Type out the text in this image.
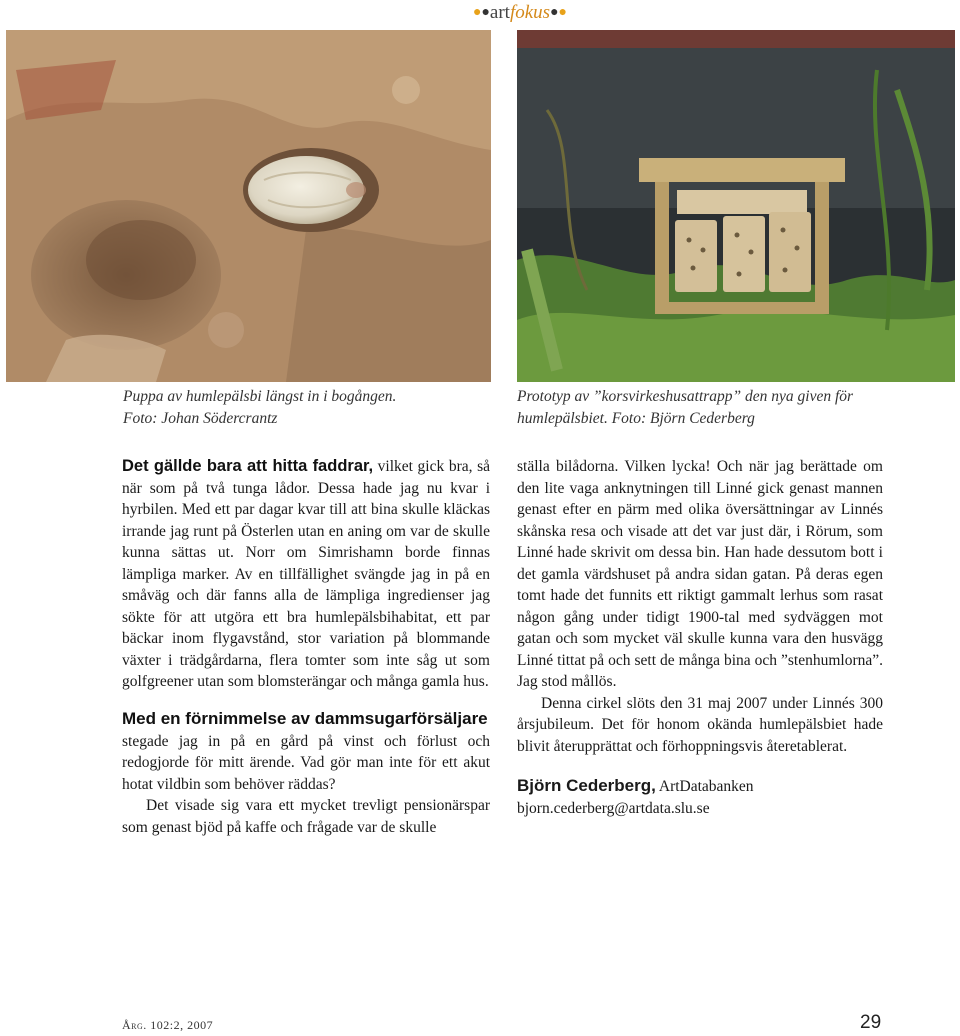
●●artfokus●●
Puppa av humlepälsbi längst in i bogången.
Foto: Johan Södercrantz
Prototyp av ”korsvirkeshusattrapp” den nya given för
humlepälsbiet. Foto: Björn Cederberg

Det gällde bara att hitta faddrar, vilket gick bra, så när som på två tunga lådor. Dessa hade jag nu kvar i hyrbilen. Med ett par dagar kvar till att bina skulle kläckas irrande jag runt på Österlen utan en aning om var de skulle kunna sättas ut. Norr om Simrishamn borde finnas lämpliga marker. Av en tillfällighet svängde jag in på en småväg och där fanns alla de lämpliga ingredienser jag sökte för att utgöra ett bra humlepälsbihabitat, ett par bäckar inom flygavstånd, stor variation på blommande växter i trädgårdarna, flera tomter som inte såg ut som golfgreener utan som blomsterängar och många gamla hus.

Med en förnimmelse av dammsugarförsäljare

stegade jag in på en gård på vinst och förlust och redogjorde för mitt ärende. Vad gör man inte för ett akut hotat vildbin som behöver räddas?

Det visade sig vara ett mycket trevligt pensionärspar som genast bjöd på kaffe och frågade var de skulle

ställa bilådorna. Vilken lycka! Och när jag berättade om den lite vaga anknytningen till Linné gick genast mannen genast efter en pärm med olika översättningar av Linnés skånska resa och visade att det var just där, i Rörum, som Linné hade skrivit om dessa bin. Han hade dessutom bott i det gamla värdshuset på andra sidan gatan. På deras egen tomt hade det funnits ett riktigt gammalt lerhus som rasat någon gång under tidigt 1900-tal med sydväggen mot gatan och som mycket väl skulle kunna vara den husvägg Linné tittat på och sett de många bina och ”stenhumlorna”. Jag stod mållös.

Denna cirkel slöts den 31 maj 2007 under Linnés 300 årsjubileum. Det för honom okända humlepälsbiet hade blivit återupprättat och förhoppningsvis återetablerat.

Björn Cederberg, ArtDatabanken

bjorn.cederberg@artdata.slu.se

Årg. 102:2, 2007	29
